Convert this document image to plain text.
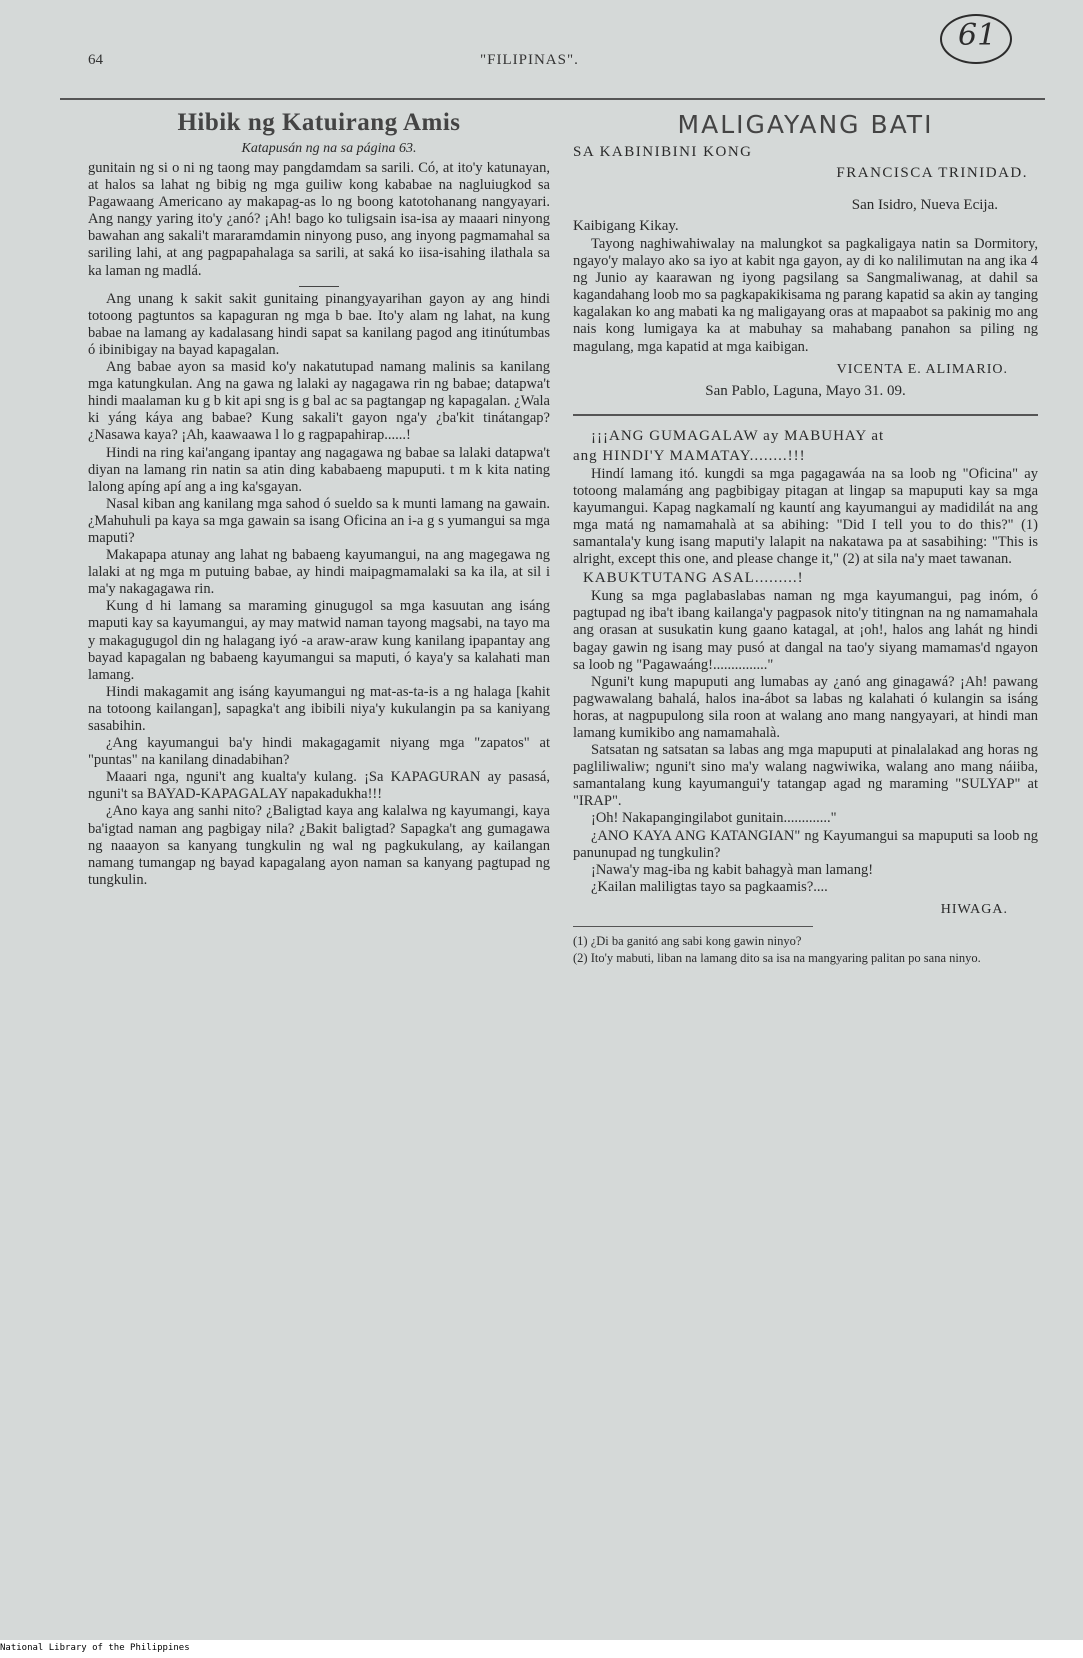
64	"FILIPINAS".
61
Hibik ng Katuirang Amis
Katapusán ng na sa página 63.
gunitain ng si o ni ng taong may pangdamdam sa sarili. Có, at ito'y katunayan, at halos sa lahat ng bibig ng mga guiliw kong kababae na nagluiugkod sa Pagawaang Americano ay makapag-as lo ng boong katotohanang nangyayari. Ang nangy yaring ito'y ¿anó? ¡Ah! bago ko tuligsain isa-isa ay maaari ninyong bawahan ang sakali't mararamdamin ninyong puso, ang inyong pagmamahal sa sariling lahi, at ang pagpapahalaga sa sarili, at saká ko iisa-isahing ilathala sa ka laman ng madlá.
Ang unang k sakit sakit gunitaing pinangyayarihan gayon ay ang hindi totoong pagtuntos sa kapaguran ng mga b bae. Ito'y alam ng lahat, na kung babae na lamang ay kadalasang hindi sapat sa kanilang pagod ang itinútumbas ó ibinibigay na bayad kapagalan.
Ang babae ayon sa masid ko'y nakatutupad namang malinis sa kanilang mga katungkulan. Ang na gawa ng lalaki ay nagagawa rin ng babae; datapwa't hindi maalaman ku g b kit api sng is g bal ac sa pagtangap ng kapagalan. ¿Wala ki yáng káya ang babae? Kung sakali't gayon nga'y ¿ba'kit tinátangap? ¿Nasawa kaya? ¡Ah, kaawaawa l lo g ragpapahirap......!
Hindi na ring kai'angang ipantay ang nagagawa ng babae sa lalaki datapwa't diyan na lamang rin natin sa atin ding kababaeng mapuputi. t m k kita nating lalong apíng apí ang a ing ka'sgayan.
Nasal kiban ang kanilang mga sahod ó sueldo sa k munti lamang na gawain. ¿Mahuhuli pa kaya sa mga gawain sa isang Oficina an i-a g s yumangui sa mga maputi?
Makapapa atunay ang lahat ng babaeng kayumangui, na ang magegawa ng lalaki at ng mga m putuing babae, ay hindi maipagmamalaki sa ka ila, at sil i ma'y nakagagawa rin.
Kung d hi lamang sa maraming ginugugol sa mga kasuutan ang isáng maputi kay sa kayumangui, ay may matwid naman tayong magsabi, na tayo ma y makagugugol din ng halagang iyó -a araw-araw kung kanilang ipapantay ang bayad kapagalan ng babaeng kayumangui sa maputi, ó kaya'y sa kalahati man lamang.
Hindi makagamit ang isáng kayumangui ng mat-as-ta-is a ng halaga [kahit na totoong kailangan], sapagka't ang ibibili niya'y kukulangin pa sa kaniyang sasabihin.
¿Ang kayumangui ba'y hindi makagagamit niyang mga "zapatos" at "puntas" na kanilang dinadabihan?
Maaari nga, nguni't ang kualta'y kulang. ¡Sa KAPAGURAN ay pasasá, nguni't sa BAYAD-KAPAGALAY napakadukha!!!
¿Ano kaya ang sanhi nito? ¿Baligtad kaya ang kalalwa ng kayumangi, kaya ba'igtad naman ang pagbigay nila? ¿Bakit baligtad? Sapagka't ang gumagawa ng naaayon sa kanyang tungkulin ng wal ng pagkukulang, ay kailangan namang tumangap ng bayad kapagalang ayon naman sa kanyang pagtupad ng tungkulin.
MALIGAYANG BATI
SA KABINIBINI KONG
FRANCISCA TRINIDAD.
San Isidro, Nueva Ecija.
Kaibigang Kikay.
Tayong naghiwahiwalay na malungkot sa pagkaligaya natin sa Dormitory, ngayo'y malayo ako sa iyo at kabit nga gayon, ay di ko nalilimutan na ang ika 4 ng Junio ay kaarawan ng iyong pagsilang sa Sangmaliwanag, at dahil sa kagandahang loob mo sa pagkapakikisama ng parang kapatid sa akin ay tanging kagalakan ko ang mabati ka ng maligayang oras at mapaabot sa pakinig mo ang nais kong lumigaya ka at mabuhay sa mahabang panahon sa piling ng magulang, mga kapatid at mga kaibigan.
VICENTA E. ALIMARIO.
San Pablo, Laguna, Mayo 31. 09.
¡¡¡ANG GUMAGALAW ay MABUHAY at
ang HINDI'Y MAMATAY........!!!
Hindí lamang itó. kungdi sa mga pagagawáa na sa loob ng "Oficina" ay totoong malamáng ang pagbibigay pitagan at lingap sa mapuputi kay sa mga kayumangui. Kapag nagkamalí ng kauntí ang kayumangui ay madidilát na ang mga matá ng namamahalà at sa abihing: "Did I tell you to do this?" (1) samantala'y kung isang maputi'y lalapit na nakatawa pa at sasabihing: "This is alright, except this one, and please change it," (2) at sila na'y maet tawanan.
KABUKTUTANG ASAL.........!
Kung sa mga paglabaslabas naman ng mga kayumangui, pag inóm, ó pagtupad ng iba't ibang kailanga'y pagpasok nito'y titingnan na ng namamahala ang orasan at susukatin kung gaano katagal, at ¡oh!, halos ang lahát ng hindi bagay gawin ng isang may pusó at dangal na tao'y siyang mamamas'd ngayon sa loob ng "Pagawaáng!..............."
Nguni't kung mapuputi ang lumabas ay ¿anó ang ginagawá? ¡Ah! pawang pagwawalang bahalá, halos ina-ábot sa labas ng kalahati ó kulangin sa isáng horas, at nagpupulong sila roon at walang ano mang nangyayari, at hindi man lamang kumikibo ang namamahalà.
Satsatan ng satsatan sa labas ang mga mapuputi at pinalalakad ang horas ng pagliliwaliw; nguni't sino ma'y walang nagwiwika, walang ano mang náiiba, samantalang kung kayumangui'y tatangap agad ng maraming "SULYAP" at "IRAP".
¡Oh! Nakapangingilabot gunitain............."
¿ANO KAYA ANG KATANGIAN" ng Kayumangui sa mapuputi sa loob ng panunupad ng tungkulin?
¡Nawa'y mag-iba ng kabit bahagyà man lamang!
¿Kailan maliligtas tayo sa pagkaamis?....
HIWAGA.
(1) ¿Di ba ganitó ang sabi kong gawin ninyo?
(2) Ito'y mabuti, liban na lamang dito sa isa na mangyaring palitan po sana ninyo.
National Library of the Philippines
